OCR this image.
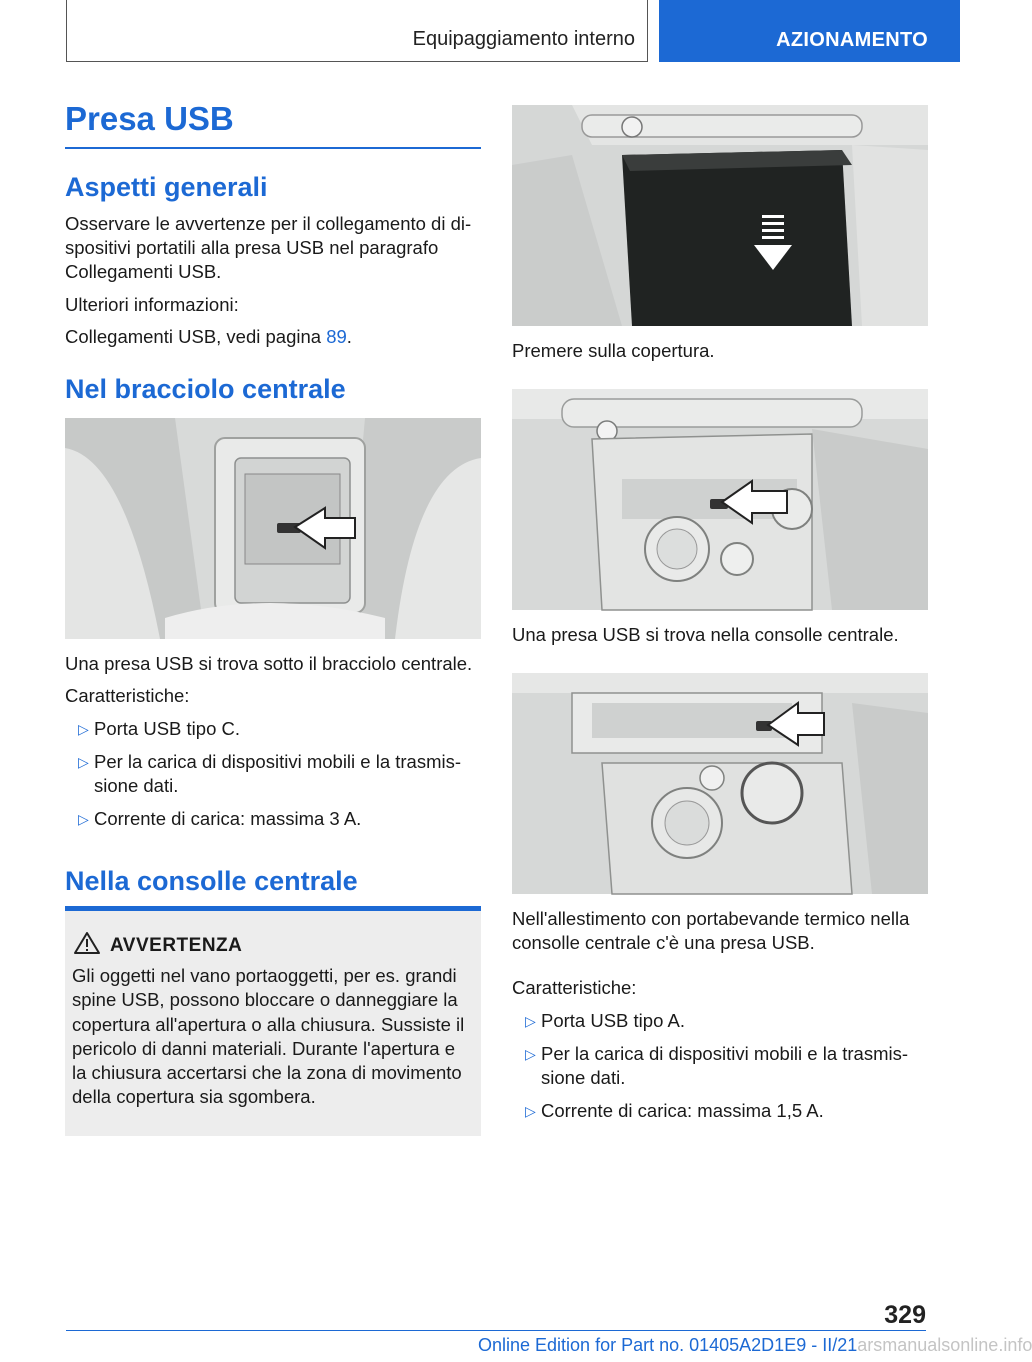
Equipaggiamento interno	AZIONAMENTO
Presa USB
Aspetti generali

Osservare le avvertenze per il collegamento di di-
spositivi portatili alla presa USB nel paragrafo
Collegamenti USB.

Ulteriori informazioni:

Collegamenti USB, vedi pagina 89.

Nel bracciolo centrale

Una presa USB si trova sotto il bracciolo centrale.

Caratteristiche:

▷ Porta USB tipo C.
▷ Per la carica di dispositivi mobili e la trasmis-
sione dati.
▷ Corrente di carica: massima 3 A.
Nella consolle centrale
AVVERTENZA

Gli oggetti nel vano portaoggetti, per es. grandi
spine USB, possono bloccare o danneggiare la
copertura all'apertura o alla chiusura. Sussiste il
pericolo di danni materiali. Durante l'apertura e
la chiusura accertarsi che la zona di movimento
della copertura sia sgombera.

Premere sulla copertura.

Una presa USB si trova nella consolle centrale.

Nell'allestimento con portabevande termico nella
consolle centrale c'è una presa USB.

Caratteristiche:

▷ Porta USB tipo A.
▷ Per la carica di dispositivi mobili e la trasmis-
sione dati.
▷ Corrente di carica: massima 1,5 A.
329
Online Edition for Part no. 01405A2D1E9 - II/21arsmanualsonline.info
